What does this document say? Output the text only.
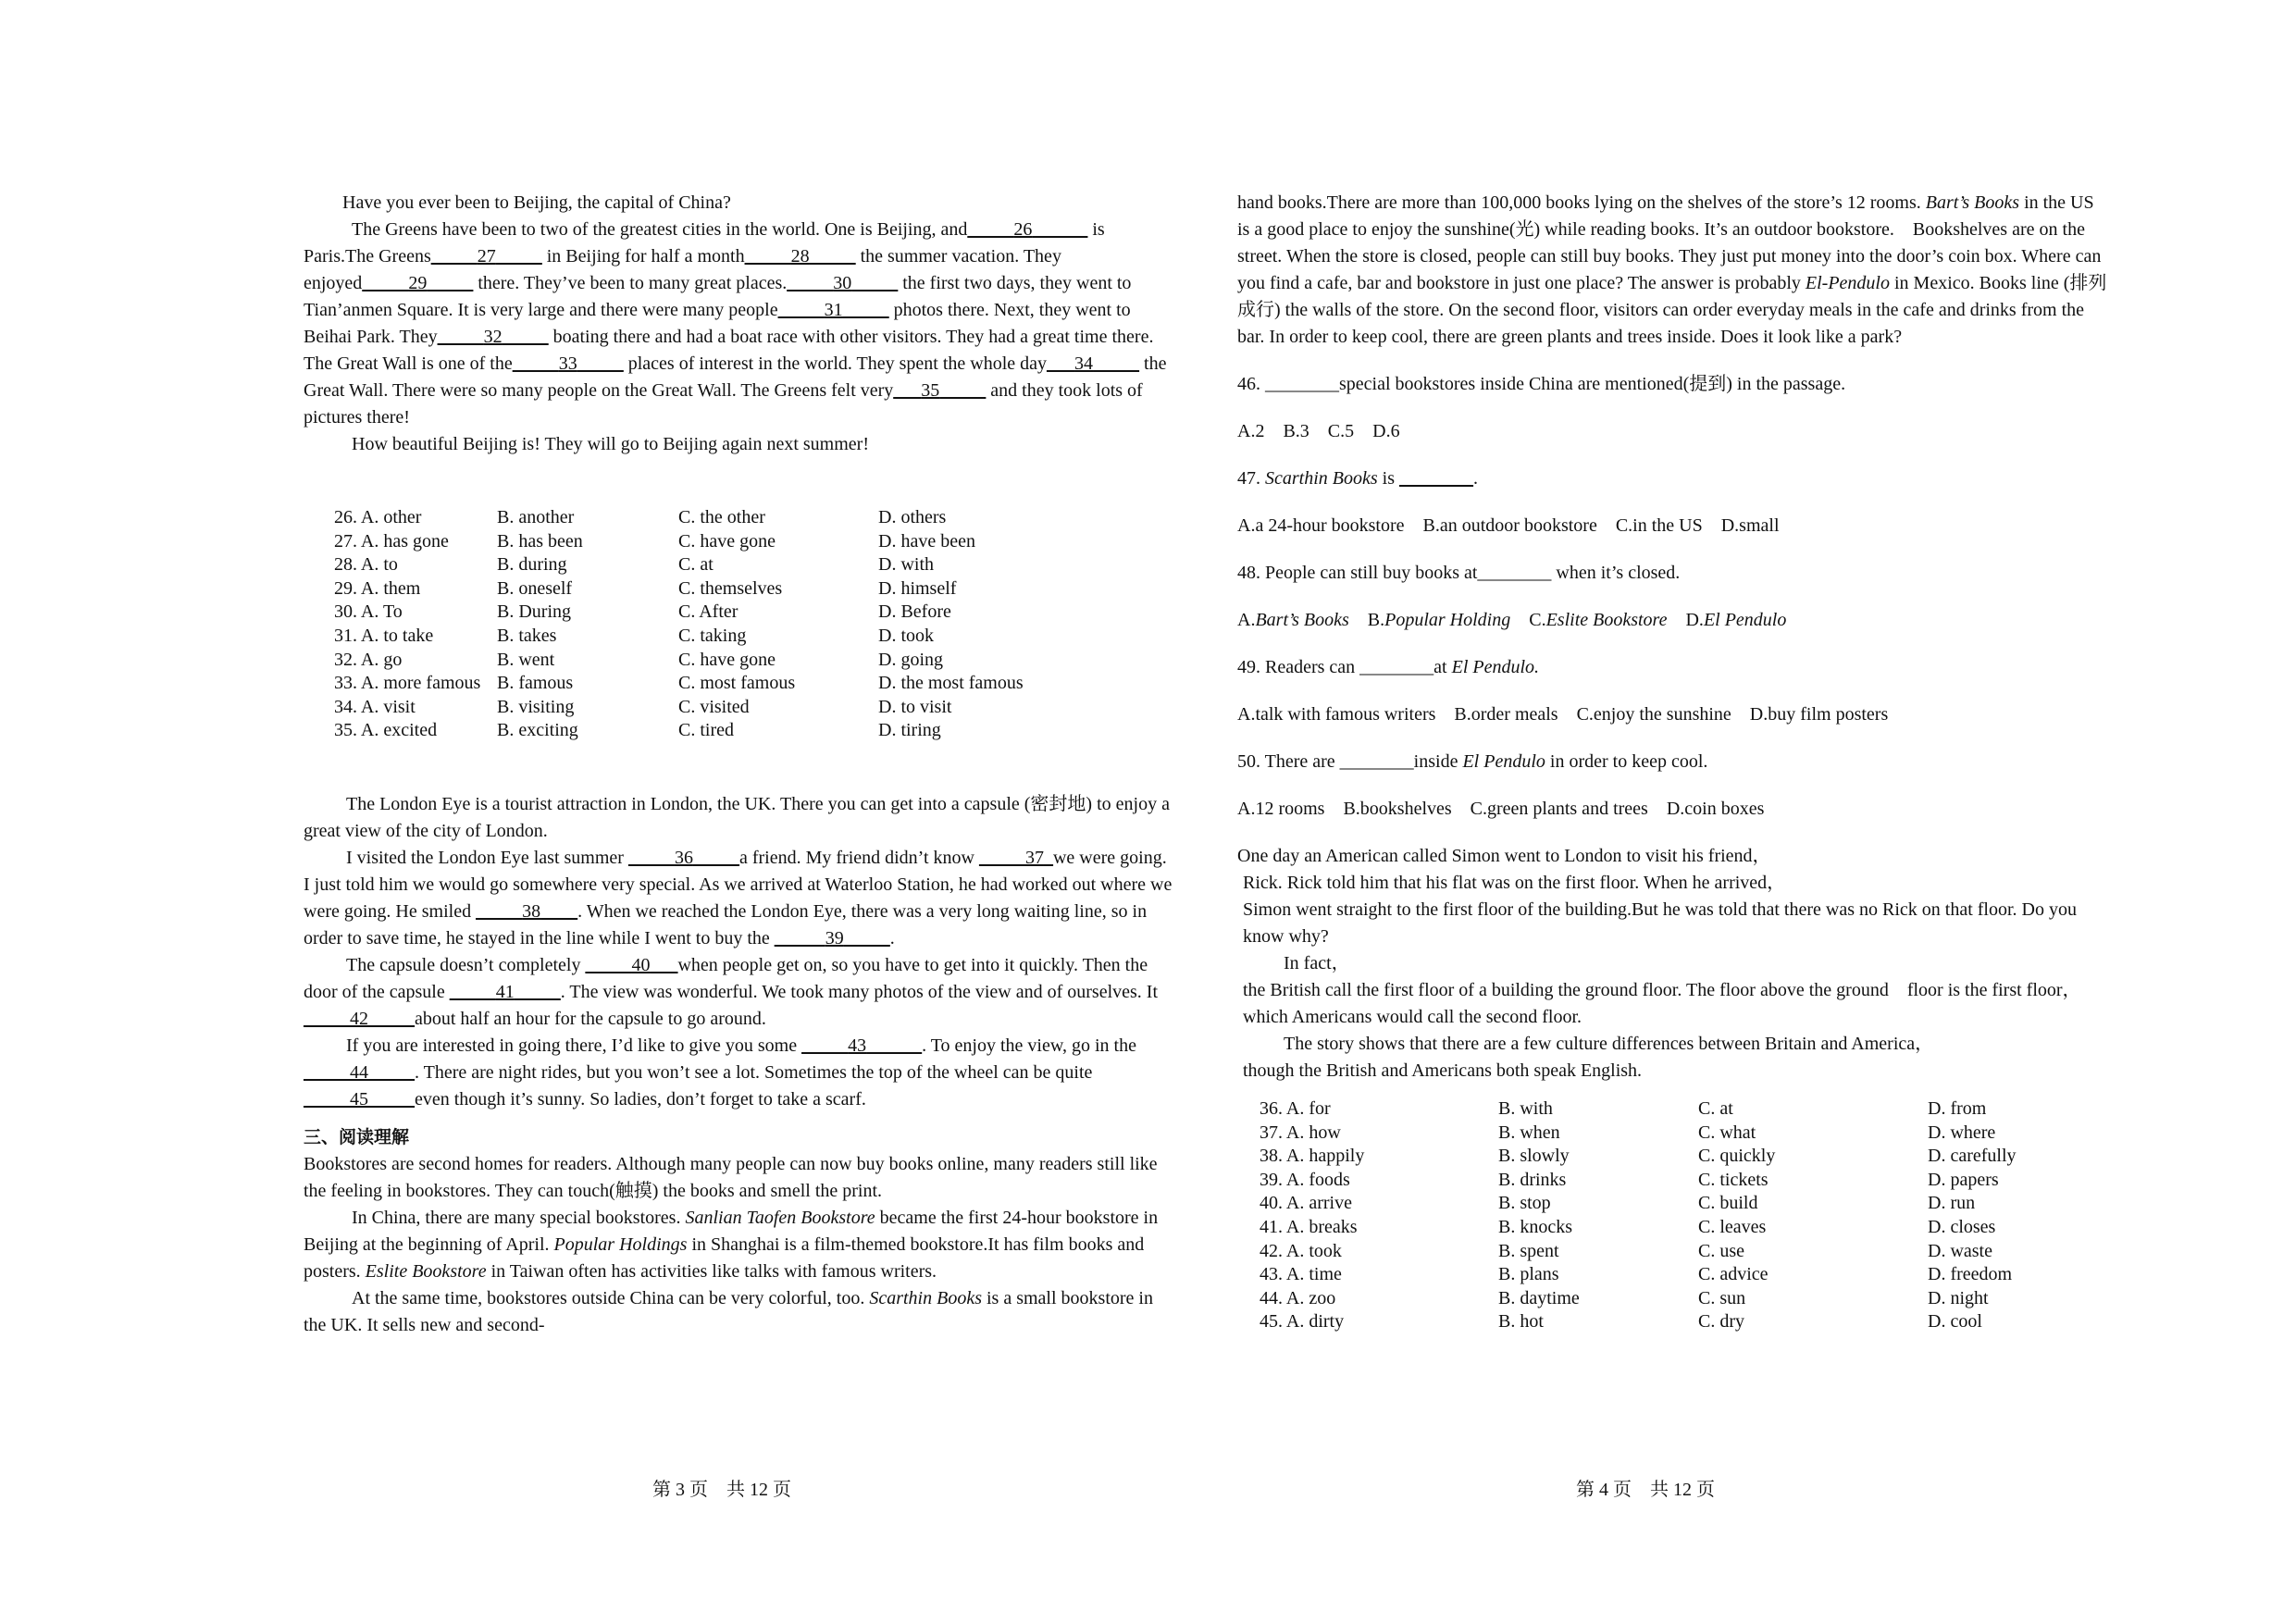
Have you ever been to Beijing, the capital of China?

The Greens have been to two of the greatest cities in the world. One is Beijing, and_____26______ is Paris.The Greens_____27_____ in Beijing for half a month_____28_____ the summer vacation. They enjoyed_____29_____ there. They’ve been to many great places._____30_____ the first two days, they went to Tian’anmen Square. It is very large and there were many people_____31_____ photos there. Next, they went to Beihai Park. They_____32_____ boating there and had a boat race with other visitors. They had a great time there. The Great Wall is one of the_____33_____ places of interest in the world. They spent the whole day___34_____ the Great Wall. There were so many people on the Great Wall. The Greens felt very___35_____ and they took lots of pictures there!

How beautiful Beijing is! They will go to Beijing again next summer!

26. A. other	B. another	C. the other	D. others
27. A. has gone	B. has been	C. have gone	D. have been
28. A. to	B. during	C. at	D. with
29. A. them	B. oneself	C. themselves	D. himself
30. A. To	B. During	C. After	D. Before
31. A. to take	B. takes	C. taking	D. took
32. A. go	B. went	C. have gone	D. going
33. A. more famous B. famous	C. most famous	D. the most famous
34. A. visit	B. visiting	C. visited	D. to visit
35. A. excited	B. exciting	C. tired	D. tiring

The London Eye is a tourist attraction in London, the UK. There you can get into a capsule (密封地) to enjoy a great view of the city of London.

I visited the London Eye last summer _____36_____a friend. My friend didn’t know _____37_we were going. I just told him we would go somewhere very special. As we arrived at Waterloo Station, he had worked out where we were going. He smiled _____38____. When we reached the London Eye, there was a very long waiting line, so in order to save time, he stayed in the line while I went to buy the _____ 39_____.

The capsule doesn’t completely _____40___when people get on, so you have to get into it quickly. Then the door of the capsule _____41_____. The view was wonderful. We took many photos of the view and of ourselves. It _____42_____about half an hour for the capsule to go around.

If you are interested in going there, I’d like to give you some _____43______. To enjoy the view, go in the _____44_____. There are night rides, but you won’t see a lot. Sometimes the top of the wheel can be quite _____45_____even though it’s sunny. So ladies, don’t forget to take a scarf.

三、阅读理解

Bookstores are second homes for readers. Although many people can now buy books online, many readers still like the feeling in bookstores. They can touch(触摸) the books and smell the print.

In China, there are many special bookstores. Sanlian Taofen Bookstore became the first 24-hour bookstore in Beijing at the beginning of April. Popular Holdings in Shanghai is a film-themed bookstore.It has film books and posters. Eslite Bookstore in Taiwan often has activities like talks with famous writers.

At the same time, bookstores outside China can be very colorful, too. Scarthin Books is a small bookstore in the UK. It sells new and second-

第 3 页　共 12 页

hand books.There are more than 100,000 books lying on the shelves of the store’s 12 rooms. Bart’s Books in the US is a good place to enjoy the sunshine(光) while reading books. It’s an outdoor bookstore.　 Bookshelves are on the street. When the store is closed, people can still buy books. They just put money into the door’s coin box. Where can you find a cafe, bar and bookstore in just one place? The answer is probably El-Pendulo in Mexico. Books line (排列成行) the walls of the store. On the second floor, visitors can order everyday meals in the cafe and drinks from the bar. In order to keep cool, there are green plants and trees inside. Does it look like a park?

46. ________special bookstores inside China are mentioned(提到) in the passage.

A.2　B.3　C.5　D.6

47. Scarthin Books is ________.

A.a 24-hour bookstore　B.an outdoor bookstore　C.in the US　D.small

48. People can still buy books at________ when it’s closed.

A.Bart’s Books　 B.Popular Holding　 C.Eslite Bookstore　 D.El Pendulo

49. Readers can ________at El Pendulo.

A.talk with famous writers　B.order meals　C.enjoy the sunshine　D.buy film posters

50. There are ________inside El Pendulo in order to keep cool.

A.12 rooms　B.bookshelves　C.green plants and trees　D.coin boxes

One day an American called Simon went to London to visit his friend，

Rick. Rick told him that his flat was on the first floor. When he arrived，

Simon went straight to the first floor of the building.But he was told that there was no Rick on that floor. Do you know why?

In fact，

the British call the first floor of a building the ground floor. The floor above the ground　floor is the first floor，　which Americans would call the second floor.

The story shows that there are a few culture differences between Britain and America，

though the British and Americans both speak English.

36. A. for	B. with	C. at	D. from
37. A. how	B. when	C. what	D. where
38. A. happily	B. slowly	C. quickly	D. carefully
39. A. foods	B. drinks	C. tickets	D. papers
40. A. arrive	B. stop	C. build	D. run
41. A. breaks	B. knocks	C. leaves	D. closes
42. A. took	B. spent	C. use	D. waste
43. A. time	B. plans	C. advice	D. freedom
44. A. zoo	B. daytime	C. sun	D. night
45. A. dirty	B. hot	C. dry	D. cool
第 4 页　共 12 页
